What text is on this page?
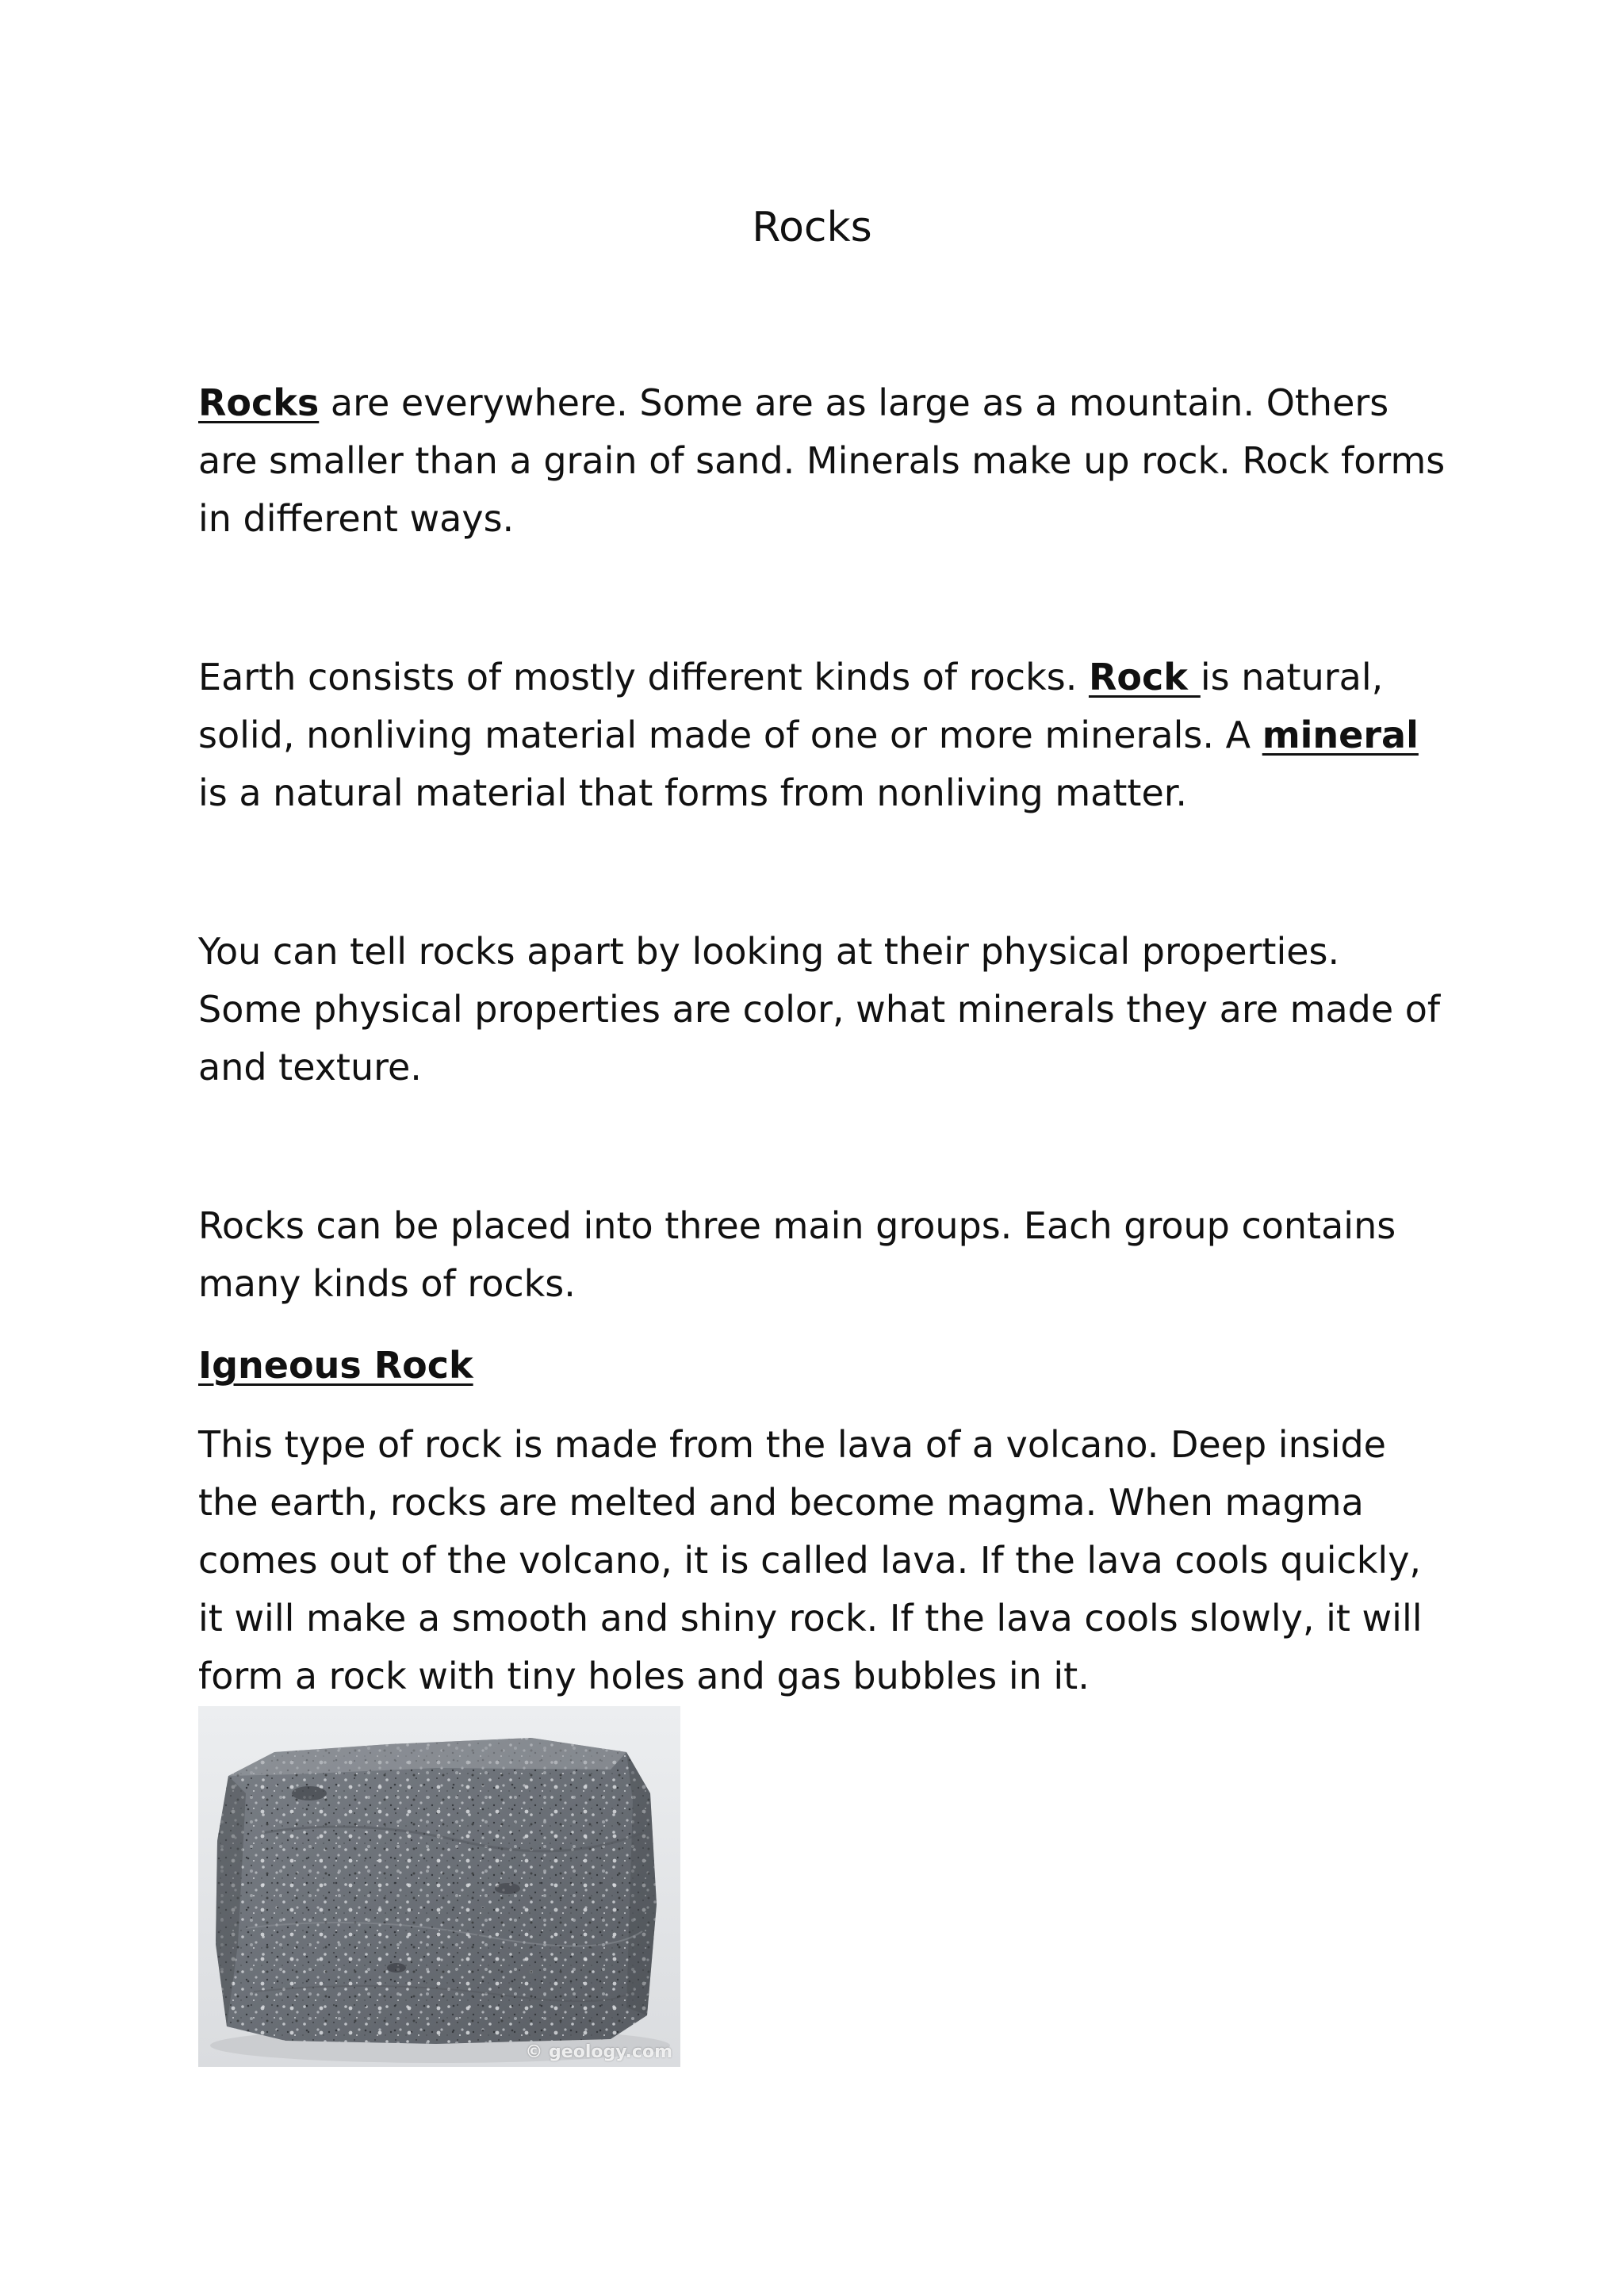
Rocks

Rocks are everywhere. Some are as large as a mountain. Others are smaller than a grain of sand. Minerals make up rock. Rock forms in different ways.

Earth consists of mostly different kinds of rocks. Rock is natural, solid, nonliving material made of one or more minerals. A mineral is a natural material that forms from nonliving matter.

You can tell rocks apart by looking at their physical properties. Some physical properties are color, what minerals they are made of and texture.

Rocks can be placed into three main groups. Each group contains many kinds of rocks.

Igneous Rock

This type of rock is made from the lava of a volcano. Deep inside the earth, rocks are melted and become magma. When magma comes out of the volcano, it is called lava. If the lava cools quickly, it will make a smooth and shiny rock. If the lava cools slowly, it will form a rock with tiny holes and gas bubbles in it.

© geology.com
